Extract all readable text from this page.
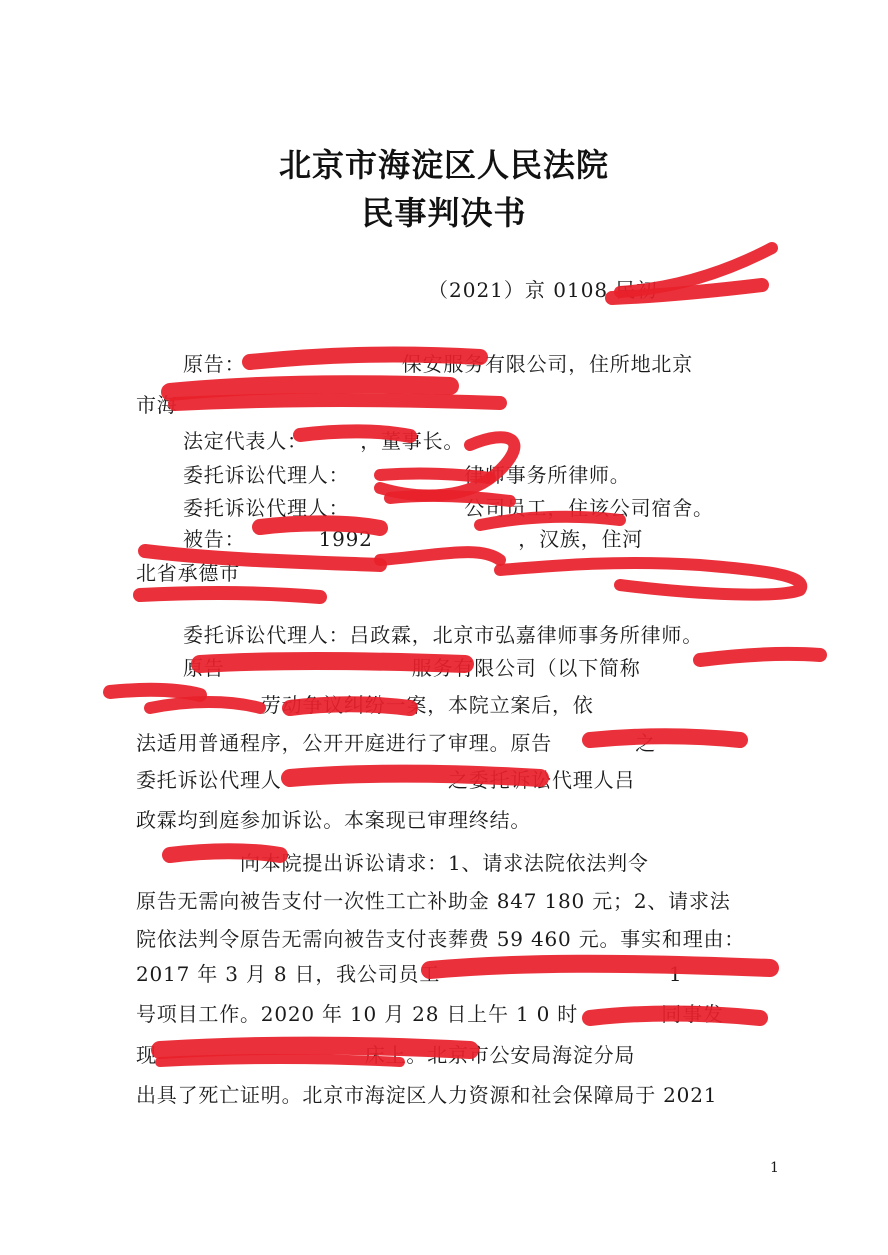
北京市海淀区人民法院
民事判决书
（2021）京 0108 民初
原告：　　　　　　　　保安服务有限公司，住所地北京
市海
法定代表人：　　　，董事长。
委托诉讼代理人：　　　　　　律师事务所律师。
委托诉讼代理人：　　　　　　公司员工，住该公司宿舍。
被告：　　　　1992　　　　　　　，汉族，住河
北省承德市
委托诉讼代理人：吕政霖，北京市弘嘉律师事务所律师。
原告　　　　　　　　　服务有限公司（以下简称
　　　　　　劳动争议纠纷一案，本院立案后，依
法适用普通程序，公开开庭进行了审理。原告　　　　之
委托诉讼代理人　　　　　　　　之委托诉讼代理人吕
政霖均到庭参加诉讼。本案现已审理终结。
　　　　　向本院提出诉讼请求：1、请求法院依法判令
原告无需向被告支付一次性工亡补助金 847 180 元；2、请求法
院依法判令原告无需向被告支付丧葬费 59 460 元。事实和理由：
2017 年 3 月 8 日，我公司员工　　　　　　　　　　　1
号项目工作。2020 年 10 月 28 日上午 1 0 时　　　　同事发
现　　　　　　　　　　床上。北京市公安局海淀分局
出具了死亡证明。北京市海淀区人力资源和社会保障局于 2021
1
